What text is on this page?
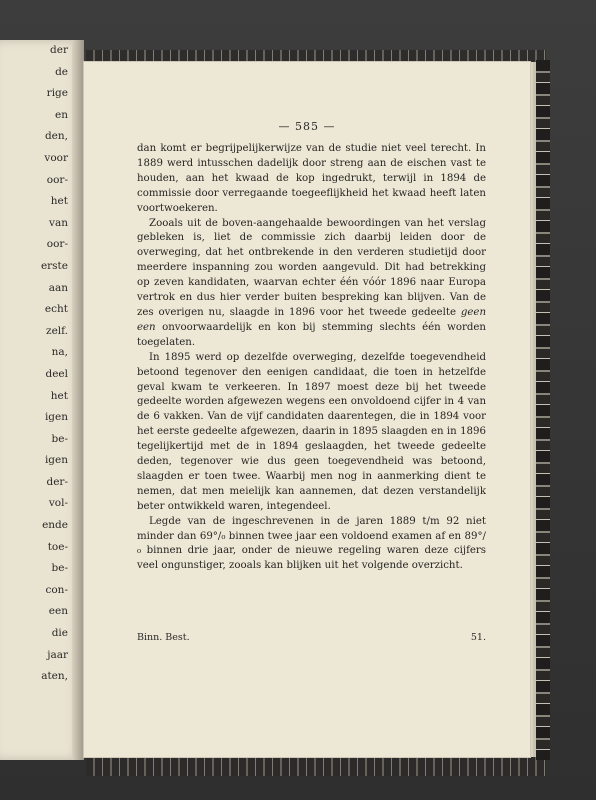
der
de
rige
en
den,
voor
oor-
het
van
oor-
erste
aan
echt
zelf.
na,
deel
het
igen
be-
igen
der-
vol-
ende
toe-
be-
con-
een
die
jaar
aten,
— 585 —

dan komt er begrijpelijkerwijze van de studie niet veel terecht. In 1889 werd intusschen dadelijk door streng aan de eischen vast te houden, aan het kwaad de kop ingedrukt, terwijl in 1894 de commissie door verregaande toegeeflijkheid het kwaad heeft laten voortwoekeren.

Zooals uit de boven-aangehaalde bewoordingen van het verslag gebleken is, liet de commissie zich daarbij leiden door de overweging, dat het ontbrekende in den verderen studietijd door meerdere inspanning zou worden aangevuld. Dit had betrekking op zeven kandidaten, waarvan echter één vóór 1896 naar Europa vertrok en dus hier verder buiten bespreking kan blijven. Van de zes overigen nu, slaagde in 1896 voor het tweede gedeelte geen een onvoorwaardelijk en kon bij stemming slechts één worden toegelaten.

In 1895 werd op dezelfde overweging, dezelfde toegevendheid betoond tegenover den eenigen candidaat, die toen in hetzelfde geval kwam te verkeeren. In 1897 moest deze bij het tweede gedeelte worden afgewezen wegens een onvoldoend cijfer in 4 van de 6 vakken. Van de vijf candidaten daarentegen, die in 1894 voor het eerste gedeelte afgewezen, daarin in 1895 slaagden en in 1896 tegelijkertijd met de in 1894 geslaagden, het tweede gedeelte deden, tegenover wie dus geen toegevendheid was betoond, slaagden er toen twee. Waarbij men nog in aanmerking dient te nemen, dat men meielijk kan aannemen, dat dezen verstandelijk beter ontwikkeld waren, integendeel.

Legde van de ingeschrevenen in de jaren 1889 t/m 92 niet minder dan 69°/₀ binnen twee jaar een voldoend examen af en 89°/₀ binnen drie jaar, onder de nieuwe regeling waren deze cijfers veel ongunstiger, zooals kan blijken uit het volgende overzicht.

Binn. Best.	51.
